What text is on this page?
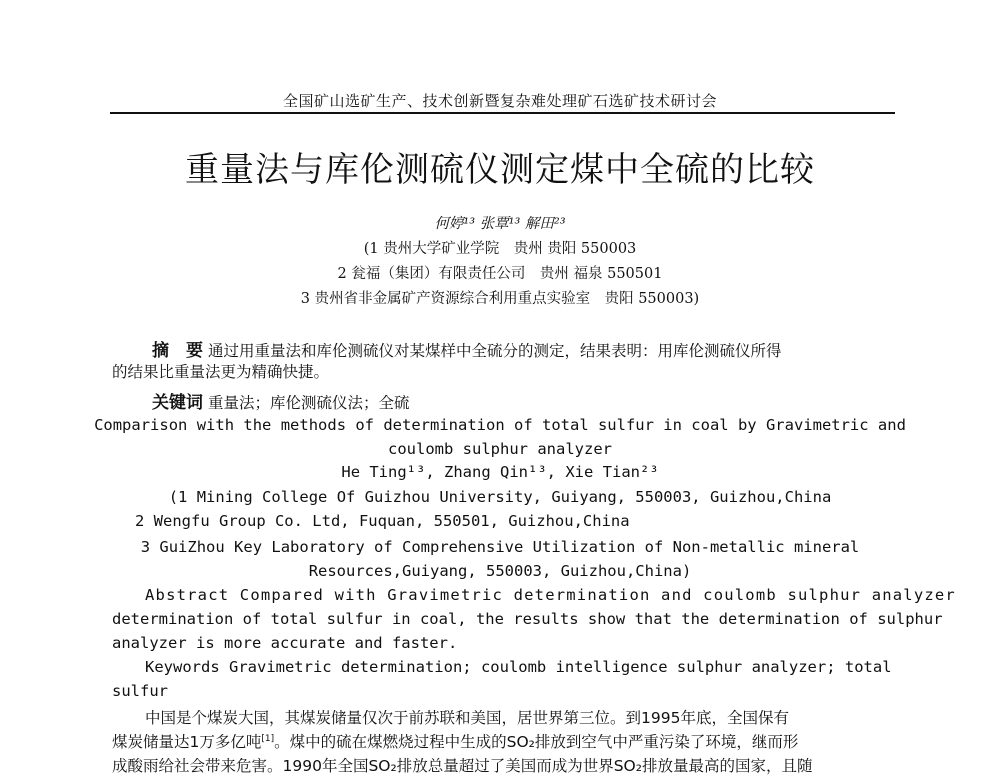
全国矿山选矿生产、技术创新暨复杂难处理矿石选矿技术研讨会
重量法与库伦测硫仪测定煤中全硫的比较
何婷¹³ 张覃¹³ 解田²³
(1 贵州大学矿业学院　贵州 贵阳 550003
2 瓮福（集团）有限责任公司　贵州 福泉 550501
3 贵州省非金属矿产资源综合利用重点实验室　贵阳 550003)
摘　要 通过用重量法和库伦测硫仪对某煤样中全硫分的测定，结果表明：用库伦测硫仪所得
的结果比重量法更为精确快捷。
关键词 重量法；库伦测硫仪法；全硫
Comparison with the methods of determination of total sulfur in coal by Gravimetric and
coulomb sulphur analyzer
He Ting¹³, Zhang Qin¹³, Xie Tian²³
(1 Mining College Of Guizhou University, Guiyang, 550003, Guizhou,China
2 Wengfu Group Co. Ltd, Fuquan, 550501, Guizhou,China
3 GuiZhou Key Laboratory of Comprehensive Utilization of Non-metallic mineral
Resources,Guiyang, 550003, Guizhou,China)
Abstract Compared with Gravimetric determination and coulomb sulphur analyzer
determination of total sulfur in coal, the results show that the determination of sulphur
analyzer is more accurate and faster.
Keywords Gravimetric determination; coulomb intelligence sulphur analyzer; total
sulfur
中国是个煤炭大国，其煤炭储量仅次于前苏联和美国，居世界第三位。到1995年底，全国保有
煤炭储量达1万多亿吨[1]。煤中的硫在煤燃烧过程中生成的SO₂排放到空气中严重污染了环境，继而形
成酸雨给社会带来危害。1990年全国SO₂排放总量超过了美国而成为世界SO₂排放量最高的国家，且随
